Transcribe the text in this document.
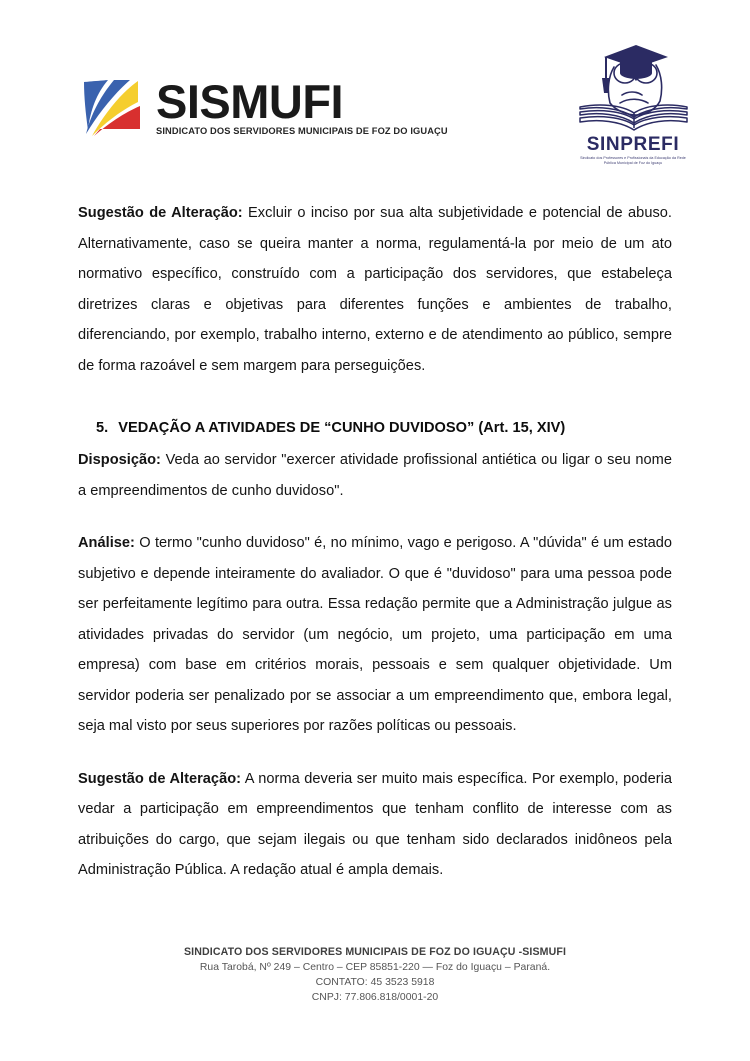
SISMUFI
SINDICATO DOS SERVIDORES MUNICIPAIS DE FOZ DO IGUAÇU
SINPREFI
Sindicato dos Professores e Profissionais da Educação da Rede Pública Municipal de Foz do Iguaçu

Sugestão de Alteração: Excluir o inciso por sua alta subjetividade e potencial de abuso. Alternativamente, caso se queira manter a norma, regulamentá-la por meio de um ato normativo específico, construído com a participação dos servidores, que estabeleça diretrizes claras e objetivas para diferentes funções e ambientes de trabalho, diferenciando, por exemplo, trabalho interno, externo e de atendimento ao público, sempre de forma razoável e sem margem para perseguições.

5. VEDAÇÃO A ATIVIDADES DE “CUNHO DUVIDOSO” (Art. 15, XIV)

Disposição: Veda ao servidor "exercer atividade profissional antiética ou ligar o seu nome a empreendimentos de cunho duvidoso".

Análise: O termo "cunho duvidoso" é, no mínimo, vago e perigoso. A "dúvida" é um estado subjetivo e depende inteiramente do avaliador. O que é "duvidoso" para uma pessoa pode ser perfeitamente legítimo para outra. Essa redação permite que a Administração julgue as atividades privadas do servidor (um negócio, um projeto, uma participação em uma empresa) com base em critérios morais, pessoais e sem qualquer objetividade. Um servidor poderia ser penalizado por se associar a um empreendimento que, embora legal, seja mal visto por seus superiores por razões políticas ou pessoais.

Sugestão de Alteração: A norma deveria ser muito mais específica. Por exemplo, poderia vedar a participação em empreendimentos que tenham conflito de interesse com as atribuições do cargo, que sejam ilegais ou que tenham sido declarados inidôneos pela Administração Pública. A redação atual é ampla demais.

SINDICATO DOS SERVIDORES MUNICIPAIS DE FOZ DO IGUAÇU -SISMUFI
Rua Tarobá, Nº 249 – Centro – CEP 85851-220 — Foz do Iguaçu – Paraná.
CONTATO: 45 3523 5918
CNPJ: 77.806.818/0001-20
